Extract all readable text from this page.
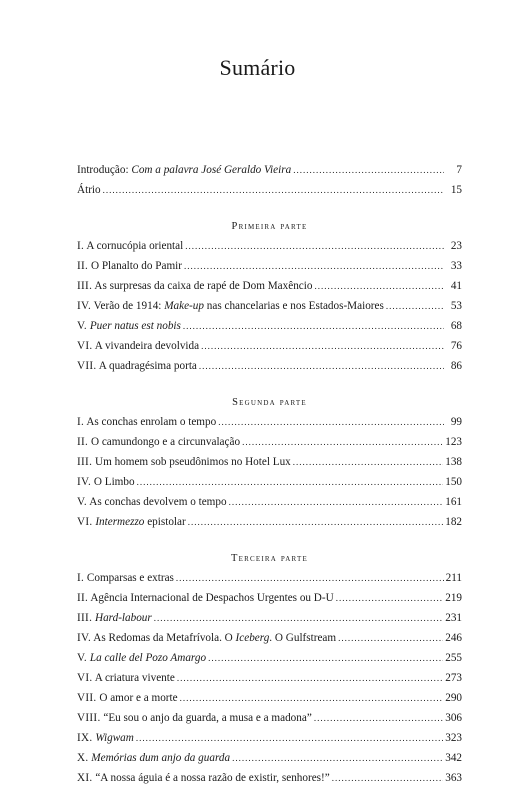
Sumário
Introdução: Com a palavra José Geraldo Vieira .....	7
Átrio .....	15
Primeira parte
I. A cornucópia oriental .....	23
II. O Planalto do Pamir .....	33
III. As surpresas da caixa de rapé de Dom Maxêncio .....	41
IV. Verão de 1914: Make-up nas chancelarias e nos Estados-Maiores .....	53
V. Puer natus est nobis .....	68
VI. A vivandeira devolvida .....	76
VII. A quadragésima porta .....	86
Segunda parte
I. As conchas enrolam o tempo .....	99
II. O camundongo e a circunvalação .....	123
III. Um homem sob pseudônimos no Hotel Lux .....	138
IV. O Limbo .....	150
V. As conchas devolvem o tempo .....	161
VI. Intermezzo epistolar .....	182
Terceira parte
I. Comparsas e extras .....	211
II. Agência Internacional de Despachos Urgentes ou D-U .....	219
III. Hard-labour .....	231
IV. As Redomas da Metafrívola. O Iceberg. O Gulfstream .....	246
V. La calle del Pozo Amargo .....	255
VI. A criatura vivente .....	273
VII. O amor e a morte .....	290
VIII. “Eu sou o anjo da guarda, a musa e a madona” .....	306
IX. Wigwam .....	323
X. Memórias dum anjo da guarda .....	342
XI. “A nossa águia é a nossa razão de existir, senhores!” .....	363
